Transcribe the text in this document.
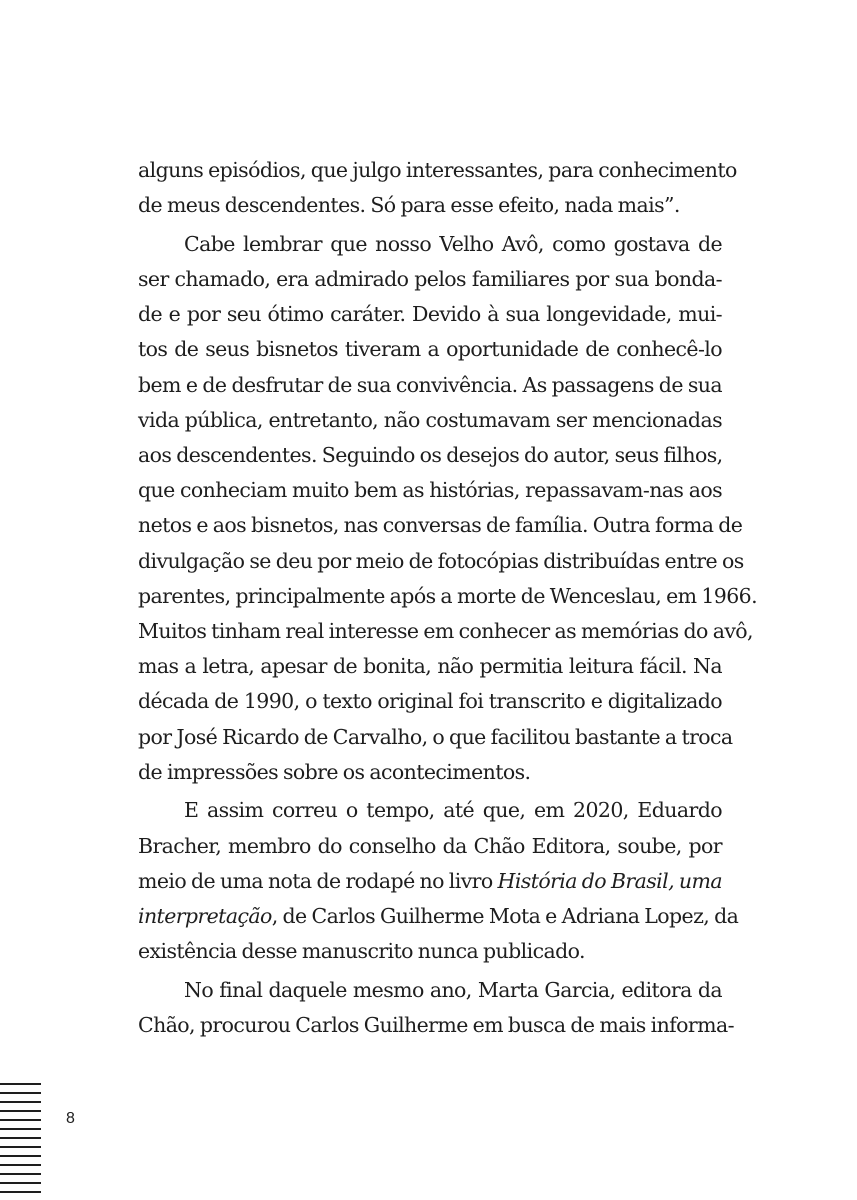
alguns episódios, que julgo interessantes, para conhecimento
de meus descendentes. Só para esse efeito, nada mais”.
Cabe lembrar que nosso Velho Avô, como gostava de
ser chamado, era admirado pelos familiares por sua bonda-
de e por seu ótimo caráter. Devido à sua longevidade, mui-
tos de seus bisnetos tiveram a oportunidade de conhecê-lo
bem e de desfrutar de sua convivência. As passagens de sua
vida pública, entretanto, não costumavam ser mencionadas
aos descendentes. Seguindo os desejos do autor, seus filhos,
que conheciam muito bem as histórias, repassavam-nas aos
netos e aos bisnetos, nas conversas de família. Outra forma de
divulgação se deu por meio de fotocópias distribuídas entre os
parentes, principalmente após a morte de Wenceslau, em 1966.
Muitos tinham real interesse em conhecer as memórias do avô,
mas a letra, apesar de bonita, não permitia leitura fácil. Na
década de 1990, o texto original foi transcrito e digitalizado
por José Ricardo de Carvalho, o que facilitou bastante a troca
de impressões sobre os acontecimentos.
E assim correu o tempo, até que, em 2020, Eduardo
Bracher, membro do conselho da Chão Editora, soube, por
meio de uma nota de rodapé no livro História do Brasil, uma
interpretação, de Carlos Guilherme Mota e Adriana Lopez, da
existência desse manuscrito nunca publicado.
No final daquele mesmo ano, Marta Garcia, editora da
Chão, procurou Carlos Guilherme em busca de mais informa-
8
